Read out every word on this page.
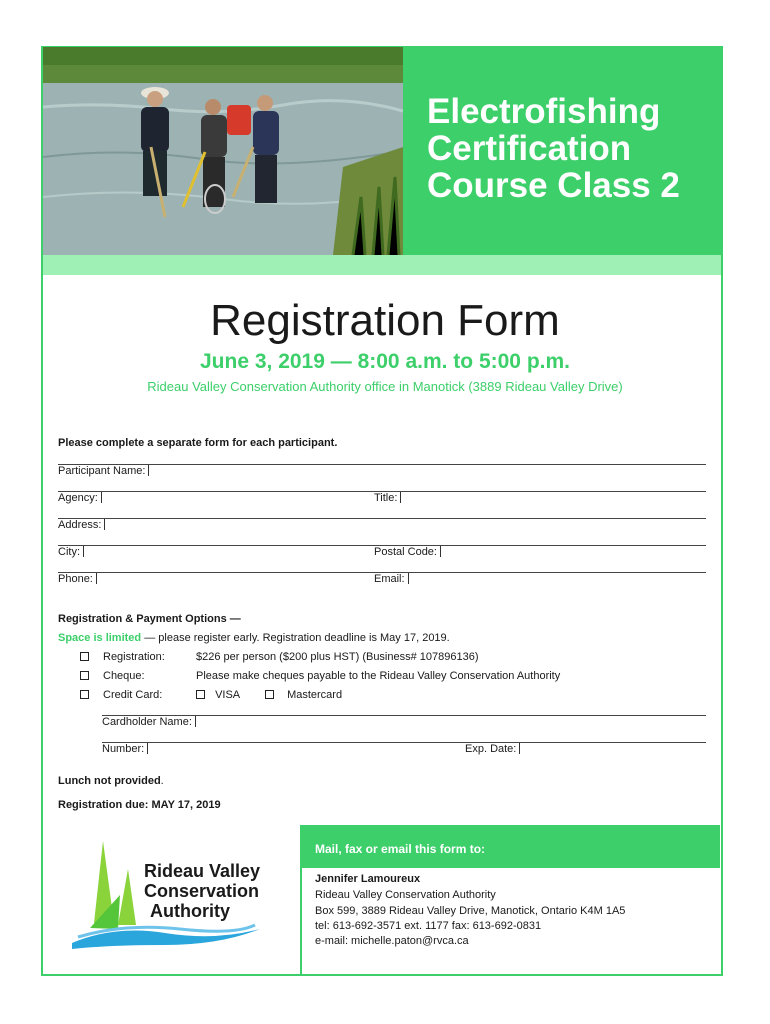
Electrofishing
Certification
Course Class 2
Registration Form
June 3, 2019 — 8:00 a.m. to 5:00 p.m.
Rideau Valley Conservation Authority office in Manotick (3889 Rideau Valley Drive)
Please complete a separate form for each participant.
Participant Name:
Agency:	Title:
Address:
City:	Postal Code:
Phone:	Email:
Registration & Payment Options —
Space is limited — please register early. Registration deadline is May 17, 2019.
Registration:	$226 per person ($200 plus HST) (Business# 107896136)
Cheque:	Please make cheques payable to the Rideau Valley Conservation Authority
Credit Card:	VISA	Mastercard
Cardholder Name:
Number:	Exp. Date:
Lunch not provided.
Registration due: MAY 17, 2019
Rideau Valley
Conservation
Authority
Mail, fax or email this form to:
Jennifer Lamoureux
Rideau Valley Conservation Authority
Box 599, 3889 Rideau Valley Drive, Manotick, Ontario K4M 1A5
tel: 613-692-3571 ext. 1177 fax: 613-692-0831
e-mail: michelle.paton@rvca.ca
